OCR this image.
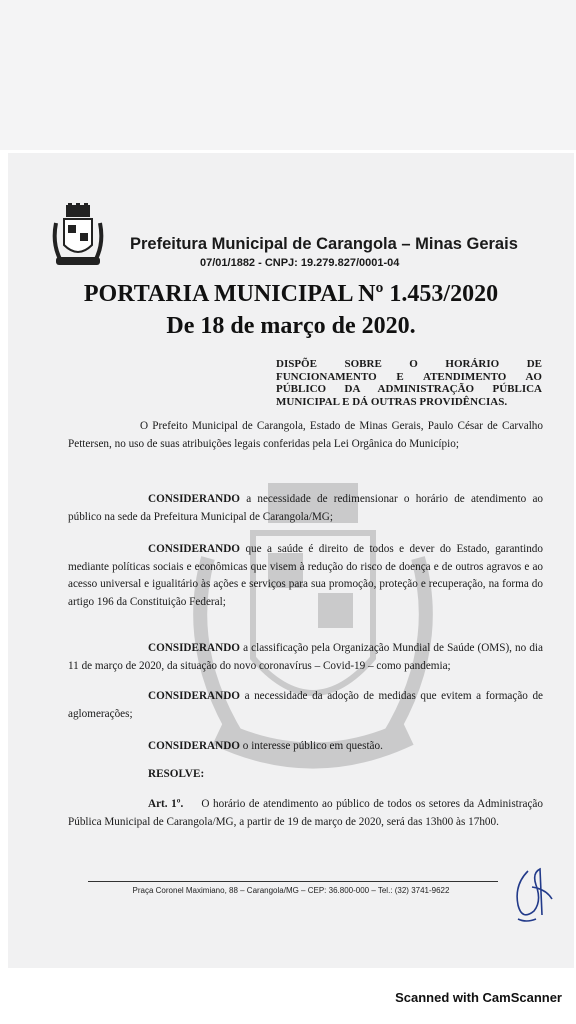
Prefeitura Municipal de Carangola – Minas Gerais
07/01/1882 - CNPJ: 19.279.827/0001-04
PORTARIA MUNICIPAL Nº 1.453/2020
De 18 de março de 2020.
DISPÕE SOBRE O HORÁRIO DE FUNCIONAMENTO E ATENDIMENTO AO PÚBLICO DA ADMINISTRAÇÃO PÚBLICA MUNICIPAL E DÁ OUTRAS PROVIDÊNCIAS.

O Prefeito Municipal de Carangola, Estado de Minas Gerais, Paulo César de Carvalho Pettersen, no uso de suas atribuições legais conferidas pela Lei Orgânica do Município;

CONSIDERANDO a necessidade de redimensionar o horário de atendimento ao público na sede da Prefeitura Municipal de Carangola/MG;

CONSIDERANDO que a saúde é direito de todos e dever do Estado, garantindo mediante políticas sociais e econômicas que visem à redução do risco de doença e de outros agravos e ao acesso universal e igualitário às ações e serviços para sua promoção, proteção e recuperação, na forma do artigo 196 da Constituição Federal;

CONSIDERANDO a classificação pela Organização Mundial de Saúde (OMS), no dia 11 de março de 2020, da situação do novo coronavírus – Covid-19 – como pandemia;

CONSIDERANDO a necessidade da adoção de medidas que evitem a formação de aglomerações;

CONSIDERANDO o interesse público em questão.

RESOLVE:

Art. 1º. O horário de atendimento ao público de todos os setores da Administração Pública Municipal de Carangola/MG, a partir de 19 de março de 2020, será das 13h00 às 17h00.

Praça Coronel Maximiano, 88 – Carangola/MG – CEP: 36.800-000 – Tel.: (32) 3741-9622
Scanned with CamScanner
